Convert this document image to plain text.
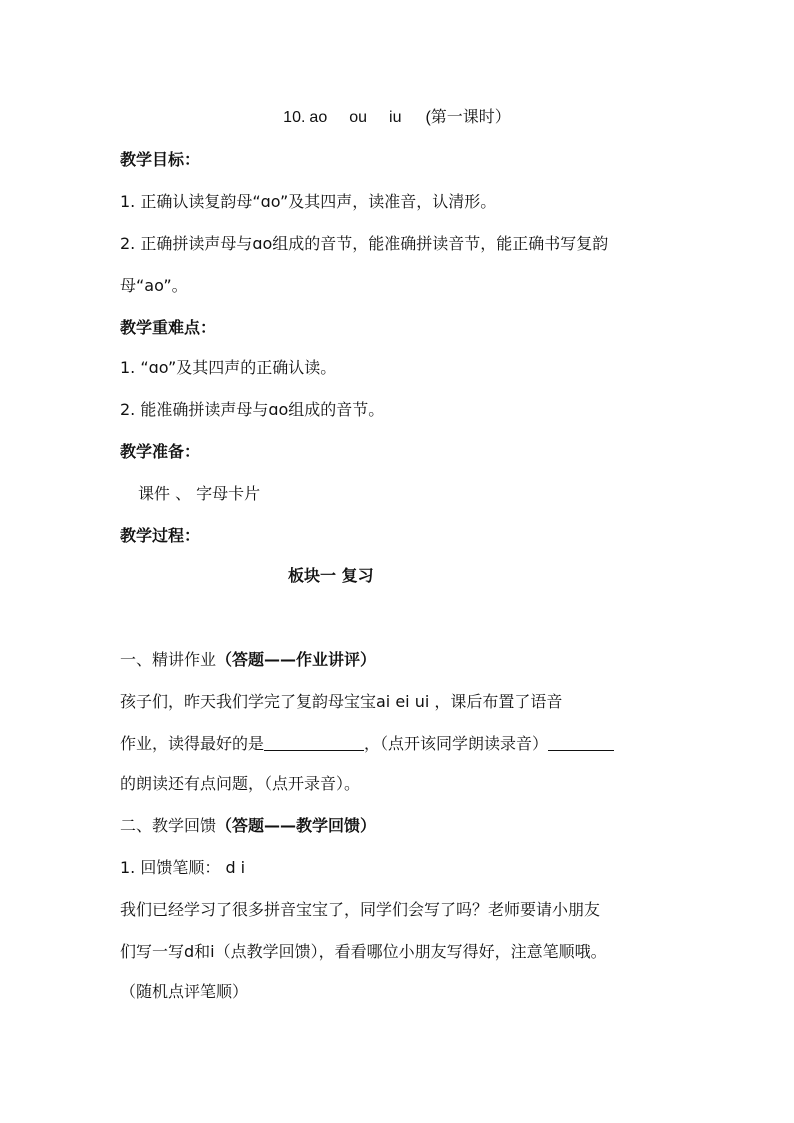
10. ao ou iu (第一课时）
教学目标：
1. 正确认读复韵母“ɑo”及其四声，读准音，认清形。
2. 正确拼读声母与ɑo组成的音节，能准确拼读音节，能正确书写复韵
母“ao”。
教学重难点：
1. “ɑo”及其四声的正确认读。
2. 能准确拼读声母与ɑo组成的音节。
教学准备：
课件 、 字母卡片
教学过程：
板块一 复习
一、精讲作业（答题——作业讲评）
孩子们，昨天我们学完了复韵母宝宝ai ei ui ，课后布置了语音
作业，读得最好的是	，（点开该同学朗读录音）
的朗读还有点问题，（点开录音）。
二、教学回馈（答题——教学回馈）
1. 回馈笔顺： d i
我们已经学习了很多拼音宝宝了，同学们会写了吗？老师要请小朋友
们写一写d和i（点教学回馈），看看哪位小朋友写得好，注意笔顺哦。
（随机点评笔顺）
